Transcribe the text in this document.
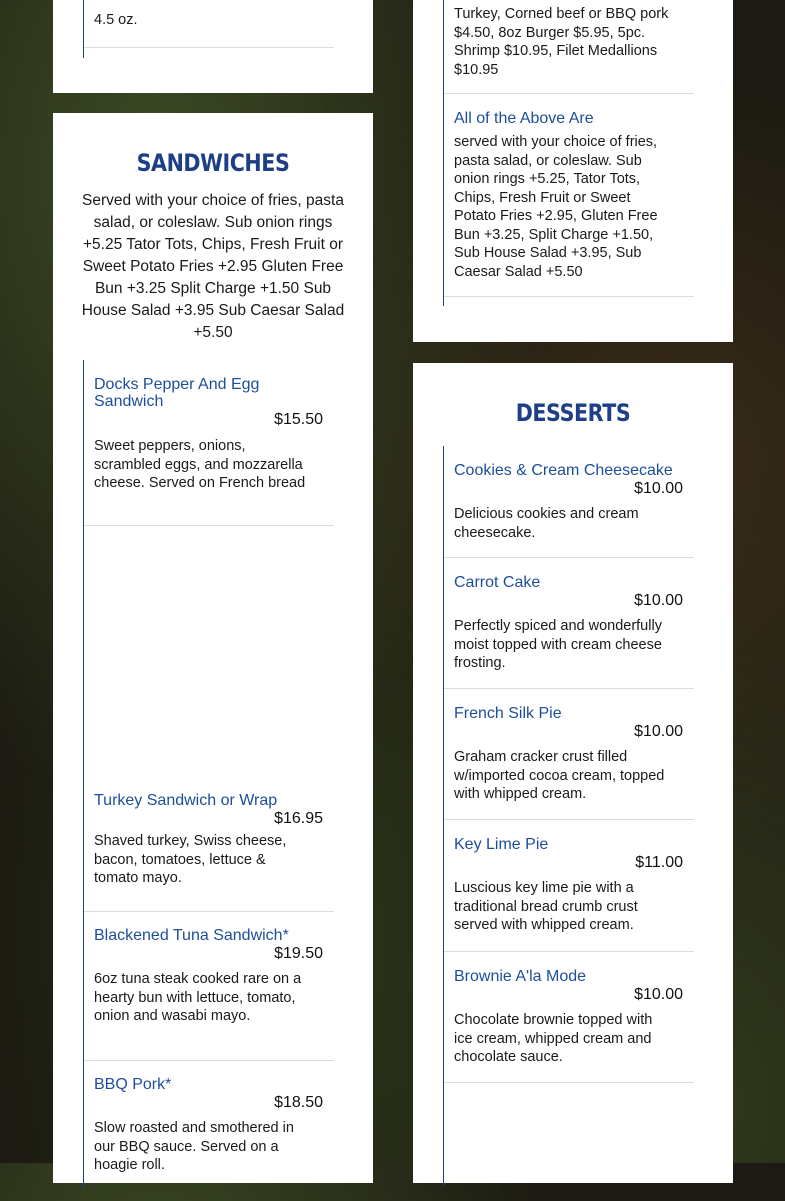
4.5 oz.
SANDWICHES
Served with your choice of fries, pasta salad, or coleslaw. Sub onion rings +5.25 Tator Tots, Chips, Fresh Fruit or Sweet Potato Fries +2.95 Gluten Free Bun +3.25 Split Charge +1.50 Sub House Salad +3.95 Sub Caesar Salad +5.50
Docks Pepper And Egg Sandwich
$15.50
Sweet peppers, onions, scrambled eggs, and mozzarella cheese. Served on French bread
Turkey Sandwich or Wrap
$16.95
Shaved turkey, Swiss cheese, bacon, tomatoes, lettuce & tomato mayo.
Blackened Tuna Sandwich*
$19.50
6oz tuna steak cooked rare on a hearty bun with lettuce, tomato, onion and wasabi mayo.
BBQ Pork*
$18.50
Slow roasted and smothered in our BBQ sauce. Served on a hoagie roll.
Turkey, Corned beef or BBQ pork $4.50, 8oz Burger $5.95, 5pc. Shrimp $10.95, Filet Medallions $10.95
All of the Above Are
served with your choice of fries, pasta salad, or coleslaw. Sub onion rings +5.25, Tator Tots, Chips, Fresh Fruit or Sweet Potato Fries +2.95, Gluten Free Bun +3.25, Split Charge +1.50, Sub House Salad +3.95, Sub Caesar Salad +5.50
DESSERTS
Cookies & Cream Cheesecake
$10.00
Delicious cookies and cream cheesecake.
Carrot Cake
$10.00
Perfectly spiced and wonderfully moist topped with cream cheese frosting.
French Silk Pie
$10.00
Graham cracker crust filled w/imported cocoa cream, topped with whipped cream.
Key Lime Pie
$11.00
Luscious key lime pie with a traditional bread crumb crust served with whipped cream.
Brownie A'la Mode
$10.00
Chocolate brownie topped with ice cream, whipped cream and chocolate sauce.
